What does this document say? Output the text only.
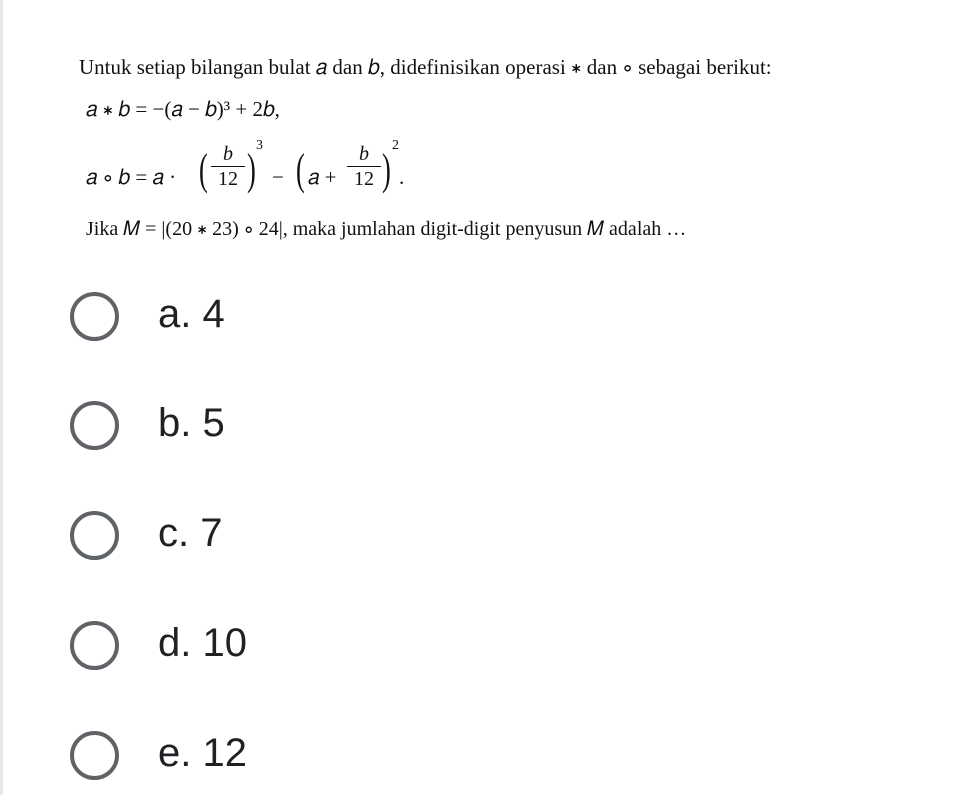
Untuk setiap bilangan bulat 𝑎 dan 𝑏, didefinisikan operasi ∗ dan ∘ sebagai berikut:
𝑎 ∗ 𝑏 = −(𝑎 − 𝑏)³ + 2𝑏,
𝑎 ∘ 𝑏 = 𝑎 · ( b
12 ) 3
− ( 𝑎 +
b
12 ) 2
.
Jika 𝑀 = |(20 ∗ 23) ∘ 24|, maka jumlahan digit-digit penyusun 𝑀 adalah …
a. 4
b. 5
c. 7
d. 10
e. 12
